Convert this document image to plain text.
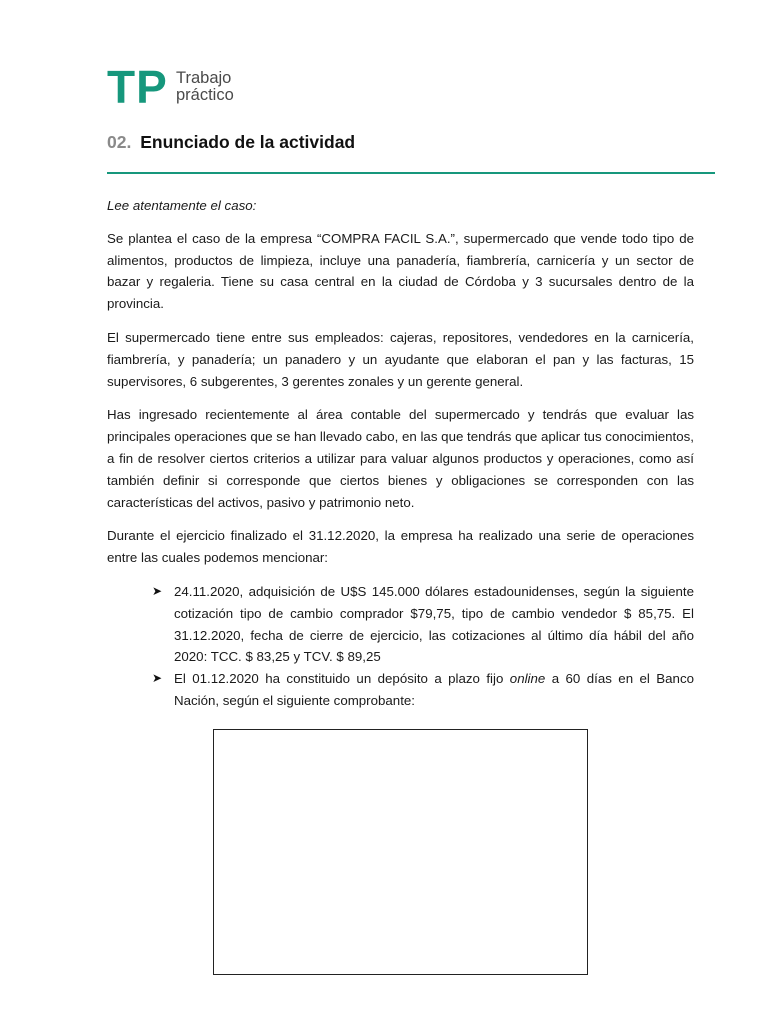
TP Trabajo
práctico
02. Enunciado de la actividad

Lee atentamente el caso:

Se plantea el caso de la empresa “COMPRA FACIL S.A.”, supermercado que vende todo tipo de alimentos, productos de limpieza, incluye una panadería, fiambrería, carnicería y un sector de bazar y regaleria. Tiene su casa central en la ciudad de Córdoba y 3 sucursales dentro de la provincia.

El supermercado tiene entre sus empleados: cajeras, repositores, vendedores en la carnicería, fiambrería, y panadería; un panadero y un ayudante que elaboran el pan y las facturas, 15 supervisores, 6 subgerentes, 3 gerentes zonales y un gerente general.

Has ingresado recientemente al área contable del supermercado y tendrás que evaluar las principales operaciones que se han llevado cabo, en las que tendrás que aplicar tus conocimientos, a fin de resolver ciertos criterios a utilizar para valuar algunos productos y operaciones, como así también definir si corresponde que ciertos bienes y obligaciones se corresponden con las características del activos, pasivo y patrimonio neto.

Durante el ejercicio finalizado el 31.12.2020, la empresa ha realizado una serie de operaciones entre las cuales podemos mencionar:

➤ 24.11.2020, adquisición de U$S 145.000 dólares estadounidenses, según la siguiente cotización tipo de cambio comprador $79,75, tipo de cambio vendedor $ 85,75. El 31.12.2020, fecha de cierre de ejercicio, las cotizaciones al último día hábil del año 2020: TCC. $ 83,25 y TCV. $ 89,25
➤ El 01.12.2020 ha constituido un depósito a plazo fijo online a 60 días en el Banco Nación, según el siguiente comprobante:
